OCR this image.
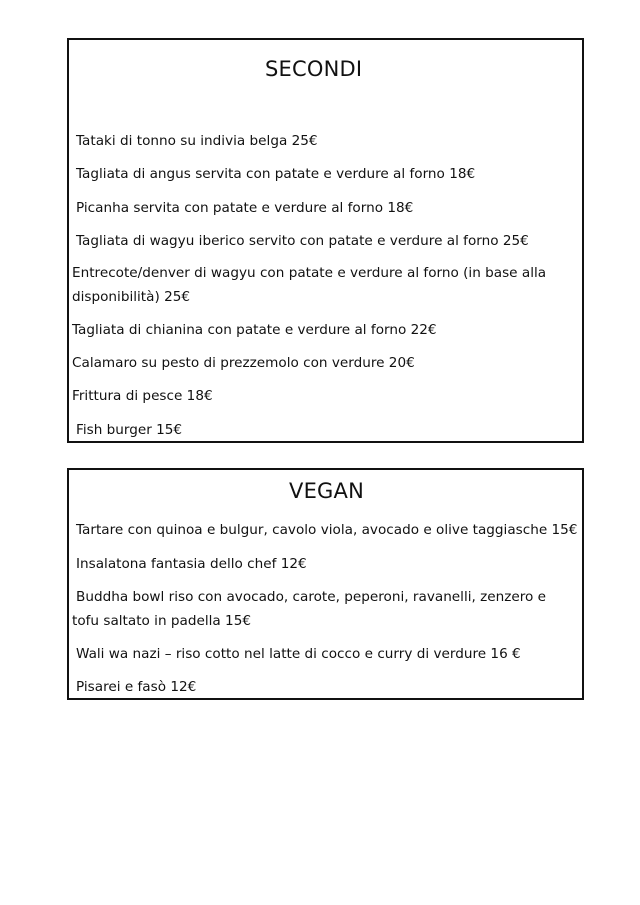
SECONDI
Tataki di tonno su indivia belga 25€
Tagliata di angus servita con patate e verdure al forno 18€
Picanha servita con patate e verdure al forno 18€
Tagliata di wagyu iberico servito con patate e verdure al forno 25€
Entrecote/denver di wagyu con patate e verdure al forno (in base alla
disponibilità) 25€
Tagliata di chianina con patate e verdure al forno 22€
Calamaro su pesto di prezzemolo con verdure 20€
Frittura di pesce 18€
Fish burger 15€
VEGAN
Tartare con quinoa e bulgur, cavolo viola, avocado e olive taggiasche 15€
Insalatona fantasia dello chef 12€
Buddha bowl riso con avocado, carote, peperoni, ravanelli, zenzero e
tofu saltato in padella 15€
Wali wa nazi – riso cotto nel latte di cocco e curry di verdure 16 €
Pisarei e fasò 12€
